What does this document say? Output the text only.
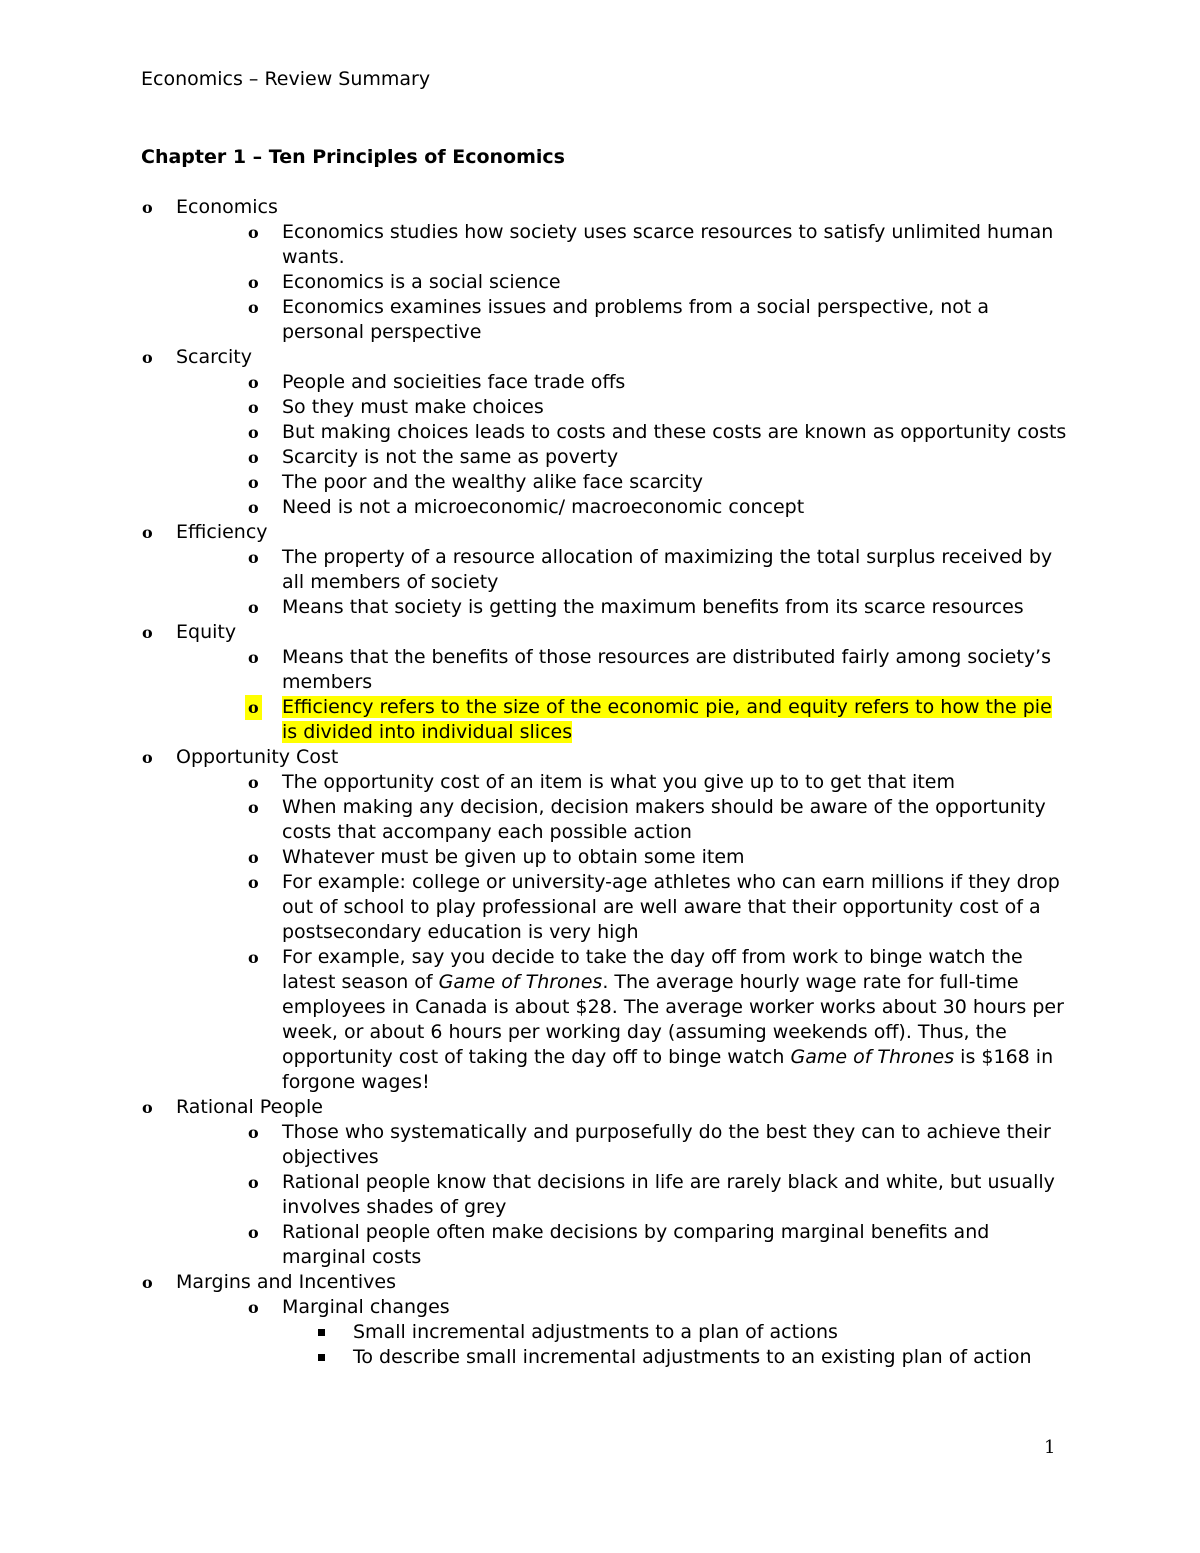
Economics – Review Summary
Chapter 1 – Ten Principles of Economics
o Economics
o Economics studies how society uses scarce resources to satisfy unlimited human wants.
o Economics is a social science
o Economics examines issues and problems from a social perspective, not a personal perspective
o Scarcity
o People and socieities face trade offs
o So they must make choices
o But making choices leads to costs and these costs are known as opportunity costs
o Scarcity is not the same as poverty
o The poor and the wealthy alike face scarcity
o Need is not a microeconomic/ macroeconomic concept
o Efficiency
o The property of a resource allocation of maximizing the total surplus received by all members of society
o Means that society is getting the maximum benefits from its scarce resources
o Equity
o Means that the benefits of those resources are distributed fairly among society’s members
o Efficiency refers to the size of the economic pie, and equity refers to how the pie is divided into individual slices
o Opportunity Cost
o The opportunity cost of an item is what you give up to to get that item
o When making any decision, decision makers should be aware of the opportunity costs that accompany each possible action
o Whatever must be given up to obtain some item
o For example: college or university-age athletes who can earn millions if they drop out of school to play professional are well aware that their opportunity cost of a postsecondary education is very high
o For example, say you decide to take the day off from work to binge watch the latest season of Game of Thrones. The average hourly wage rate for full-time employees in Canada is about $28. The average worker works about 30 hours per week, or about 6 hours per working day (assuming weekends off). Thus, the opportunity cost of taking the day off to binge watch Game of Thrones is $168 in forgone wages!
o Rational People
o Those who systematically and purposefully do the best they can to achieve their objectives
o Rational people know that decisions in life are rarely black and white, but usually involves shades of grey
o Rational people often make decisions by comparing marginal benefits and marginal costs
o Margins and Incentives
o Marginal changes
Small incremental adjustments to a plan of actions
To describe small incremental adjustments to an existing plan of action
1
